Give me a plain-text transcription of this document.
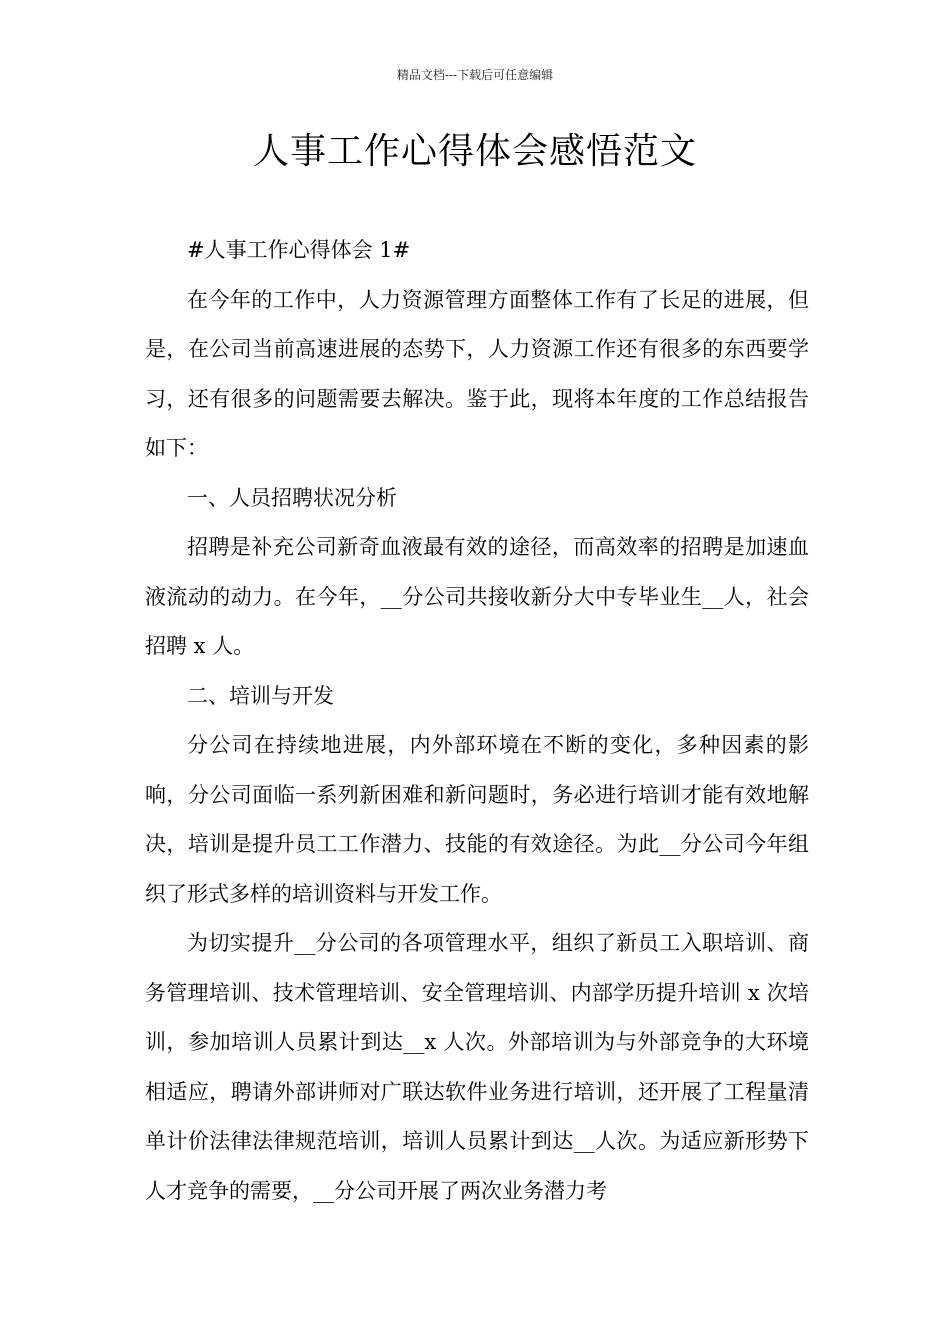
精品文档---下载后可任意编辑
人事工作心得体会感悟范文

#人事工作心得体会 1#

在今年的工作中，人力资源管理方面整体工作有了长足的进展，但是，在公司当前高速进展的态势下，人力资源工作还有很多的东西要学习，还有很多的问题需要去解决。鉴于此，现将本年度的工作总结报告如下：

一、人员招聘状况分析

招聘是补充公司新奇血液最有效的途径，而高效率的招聘是加速血液流动的动力。在今年，__分公司共接收新分大中专毕业生__人，社会招聘 x 人。

二、培训与开发

分公司在持续地进展，内外部环境在不断的变化，多种因素的影响，分公司面临一系列新困难和新问题时，务必进行培训才能有效地解决，培训是提升员工工作潜力、技能的有效途径。为此__分公司今年组织了形式多样的培训资料与开发工作。

为切实提升__分公司的各项管理水平，组织了新员工入职培训、商务管理培训、技术管理培训、安全管理培训、内部学历提升培训 x 次培训，参加培训人员累计到达__x 人次。外部培训为与外部竞争的大环境相适应，聘请外部讲师对广联达软件业务进行培训，还开展了工程量清单计价法律法律规范培训，培训人员累计到达__人次。为适应新形势下人才竞争的需要，__分公司开展了两次业务潜力考
